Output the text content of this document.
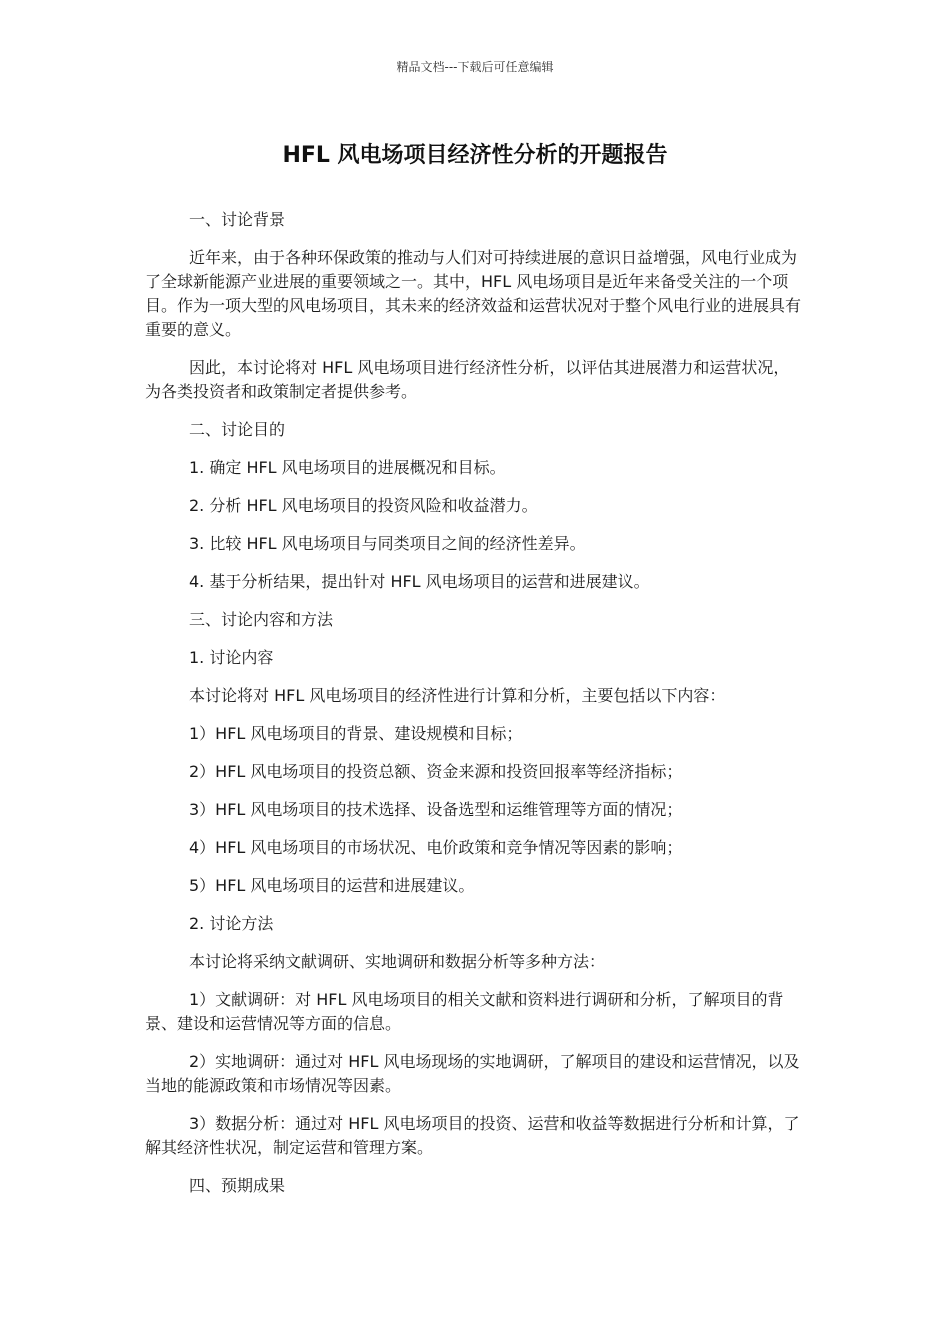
精品文档---下载后可任意编辑
HFL 风电场项目经济性分析的开题报告

一、讨论背景

近年来，由于各种环保政策的推动与人们对可持续进展的意识日益增强，风电行业成为了全球新能源产业进展的重要领域之一。其中，HFL 风电场项目是近年来备受关注的一个项目。作为一项大型的风电场项目，其未来的经济效益和运营状况对于整个风电行业的进展具有重要的意义。

因此，本讨论将对 HFL 风电场项目进行经济性分析，以评估其进展潜力和运营状况，为各类投资者和政策制定者提供参考。

二、讨论目的

1. 确定 HFL 风电场项目的进展概况和目标。

2. 分析 HFL 风电场项目的投资风险和收益潜力。

3. 比较 HFL 风电场项目与同类项目之间的经济性差异。

4. 基于分析结果，提出针对 HFL 风电场项目的运营和进展建议。

三、讨论内容和方法

1. 讨论内容

本讨论将对 HFL 风电场项目的经济性进行计算和分析，主要包括以下内容：

1）HFL 风电场项目的背景、建设规模和目标；

2）HFL 风电场项目的投资总额、资金来源和投资回报率等经济指标；

3）HFL 风电场项目的技术选择、设备选型和运维管理等方面的情况；

4）HFL 风电场项目的市场状况、电价政策和竞争情况等因素的影响；

5）HFL 风电场项目的运营和进展建议。

2. 讨论方法

本讨论将采纳文献调研、实地调研和数据分析等多种方法：

1）文献调研：对 HFL 风电场项目的相关文献和资料进行调研和分析，了解项目的背景、建设和运营情况等方面的信息。

2）实地调研：通过对 HFL 风电场现场的实地调研，了解项目的建设和运营情况，以及当地的能源政策和市场情况等因素。

3）数据分析：通过对 HFL 风电场项目的投资、运营和收益等数据进行分析和计算，了解其经济性状况，制定运营和管理方案。

四、预期成果
